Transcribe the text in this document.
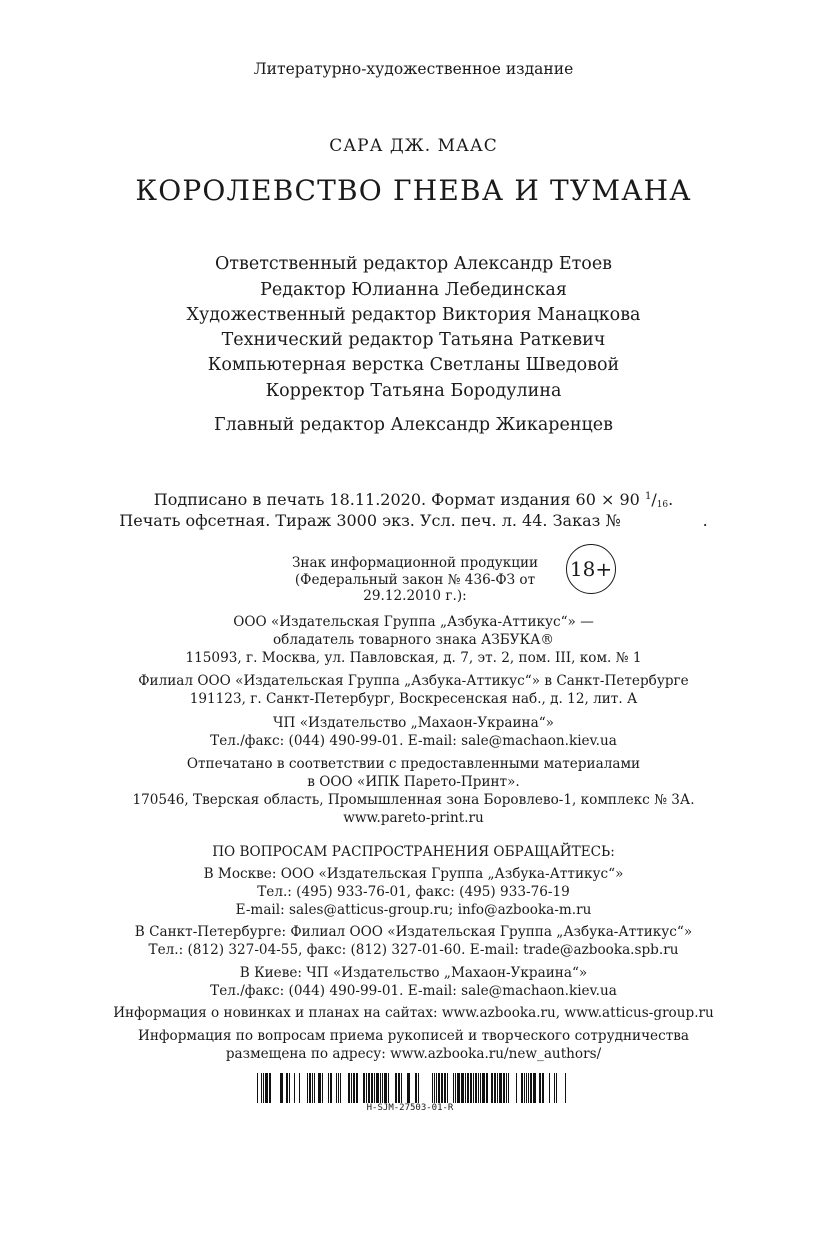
Литературно-художественное издание
САРА ДЖ. МААС
КОРОЛЕВСТВО ГНЕВА И ТУМАНА
Ответственный редактор Александр Етоев
Редактор Юлианна Лебединская
Художественный редактор Виктория Манацкова
Технический редактор Татьяна Раткевич
Компьютерная верстка Светланы Шведовой
Корректор Татьяна Бородулина
Главный редактор Александр Жикаренцев
Подписано в печать 18.11.2020. Формат издания 60 × 90 $^1/_{16}$.
Печать офсетная. Тираж 3000 экз. Усл. печ. л. 44. Заказ №	.
Знак информационной продукции
(Федеральный закон № 436-ФЗ от 29.12.2010 г.):
18+
ООО «Издательская Группа „Азбука-Аттикус“» —
обладатель товарного знака АЗБУКА®
115093, г. Москва, ул. Павловская, д. 7, эт. 2, пом. III, ком. № 1
Филиал ООО «Издательская Группа „Азбука-Аттикус“» в Санкт-Петербурге
191123, г. Санкт-Петербург, Воскресенская наб., д. 12, лит. А
ЧП «Издательство „Махаон-Украина“»
Тел./факс: (044) 490-99-01. E-mail: sale@machaon.kiev.ua
Отпечатано в соответствии с предоставленными материалами
в ООО «ИПК Парето-Принт».
170546, Тверская область, Промышленная зона Боровлево-1, комплекс № 3А.
www.pareto-print.ru
ПО ВОПРОСАМ РАСПРОСТРАНЕНИЯ ОБРАЩАЙТЕСЬ:
В Москве: ООО «Издательская Группа „Азбука-Аттикус“»
Тел.: (495) 933-76-01, факс: (495) 933-76-19
E-mail: sales@atticus-group.ru; info@azbooka-m.ru
В Санкт-Петербурге: Филиал ООО «Издательская Группа „Азбука-Аттикус“»
Тел.: (812) 327-04-55, факс: (812) 327-01-60. E-mail: trade@azbooka.spb.ru
В Киеве: ЧП «Издательство „Махаон-Украина“»
Тел./факс: (044) 490-99-01. E-mail: sale@machaon.kiev.ua
Информация о новинках и планах на сайтах: www.azbooka.ru, www.atticus-group.ru
Информация по вопросам приема рукописей и творческого сотрудничества
размещена по адресу: www.azbooka.ru/new_authors/
H-SJM-27503-01-R
